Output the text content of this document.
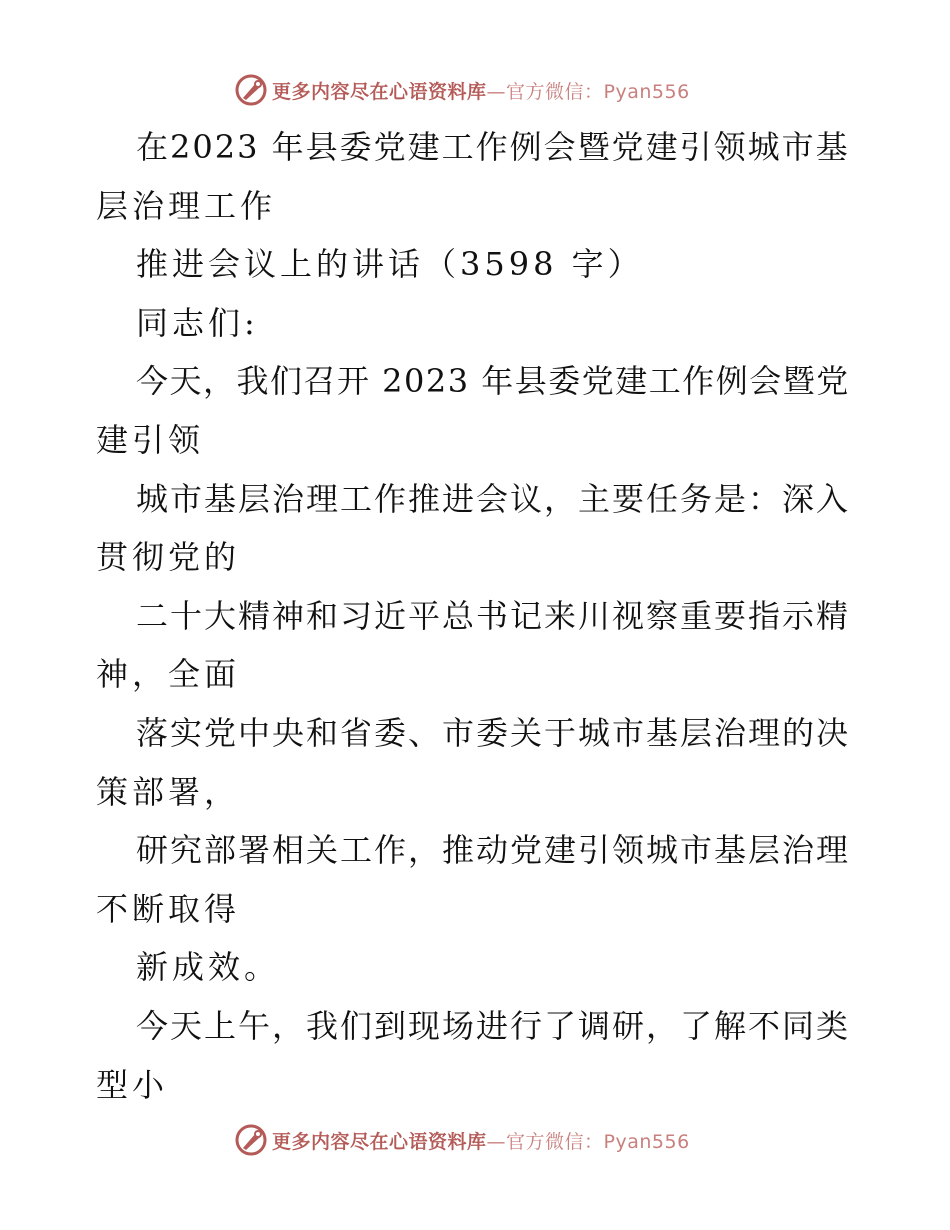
更多内容尽在心语资料库—官方微信：Pyan556
在2023 年县委党建工作例会暨党建引领城市基
层治理工作
推进会议上的讲话（3598 字）
同志们:
今天，我们召开 2023 年县委党建工作例会暨党
建引领
城市基层治理工作推进会议，主要任务是：深入
贯彻党的
二十大精神和习近平总书记来川视察重要指示精
神，全面
落实党中央和省委、市委关于城市基层治理的决
策部署，
研究部署相关工作，推动党建引领城市基层治理
不断取得
新成效。
今天上午，我们到现场进行了调研，了解不同类
型小
更多内容尽在心语资料库—官方微信：Pyan556
